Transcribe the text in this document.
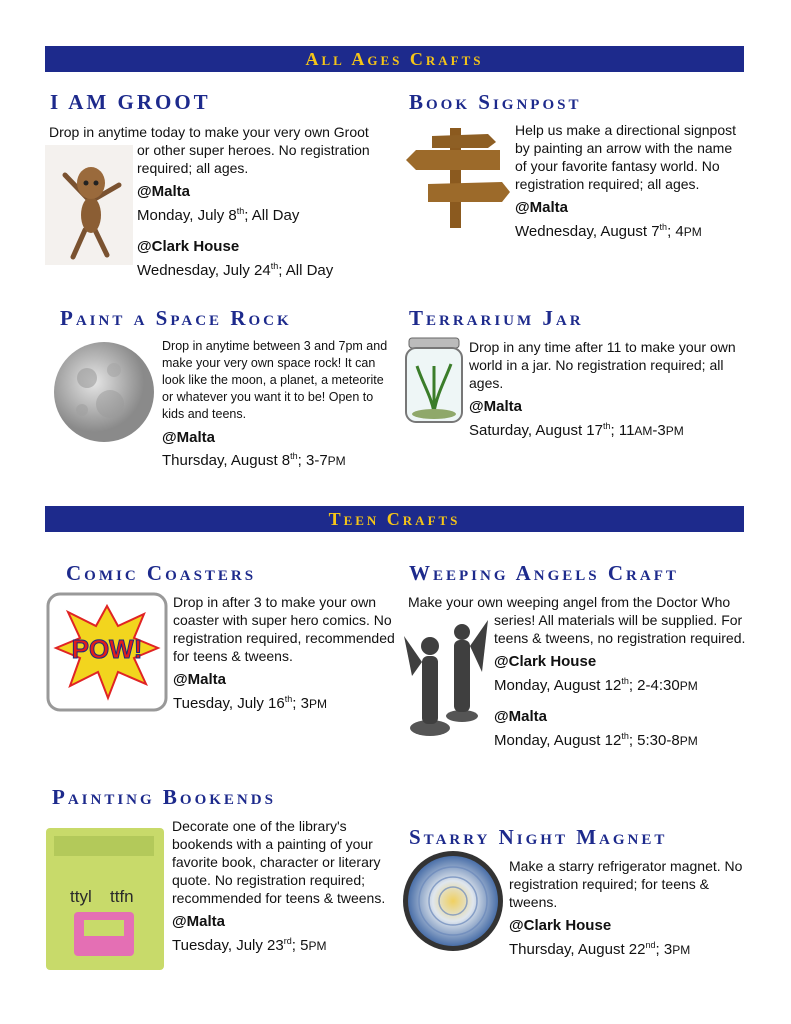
All Ages Crafts
I AM GROOT
Drop in anytime today to make your very own Groot
or other super heroes. No registration required; all ages.
@Malta
Monday, July 8th; All Day
@Clark House
Wednesday, July 24th; All Day
Book Signpost
Help us make a directional signpost by painting an arrow with the name of your favorite fantasy world. No registration required; all ages.
@Malta
Wednesday, August 7th; 4PM
Paint a Space Rock
Drop in anytime between 3 and 7pm and make your very own space rock! It can look like the moon, a planet, a meteorite or whatever you want it to be! Open to kids and teens.
@Malta
Thursday, August 8th; 3-7PM
Terrarium Jar
Drop in any time after 11 to make your own world in a jar. No registration required; all ages.
@Malta
Saturday, August 17th; 11AM-3PM
Teen Crafts
Comic Coasters
POW!
Drop in after 3 to make your own coaster with super hero comics. No registration required, recommended for teens & tweens.
@Malta
Tuesday, July 16th; 3PM
Weeping Angels Craft
Make your own weeping angel from the Doctor Who
series! All materials will be supplied. For teens & tweens, no registration required.
@Clark House
Monday, August 12th; 2-4:30PM
@Malta
Monday, August 12th; 5:30-8PM
Painting Bookends
ttyl ttfn
Decorate one of the library's bookends with a painting of your favorite book, character or literary quote. No registration required; recommended for teens & tweens.
@Malta
Tuesday, July 23rd; 5PM
Starry Night Magnet
Make a starry refrigerator magnet. No registration required; for teens & tweens.
@Clark House
Thursday, August 22nd; 3PM
